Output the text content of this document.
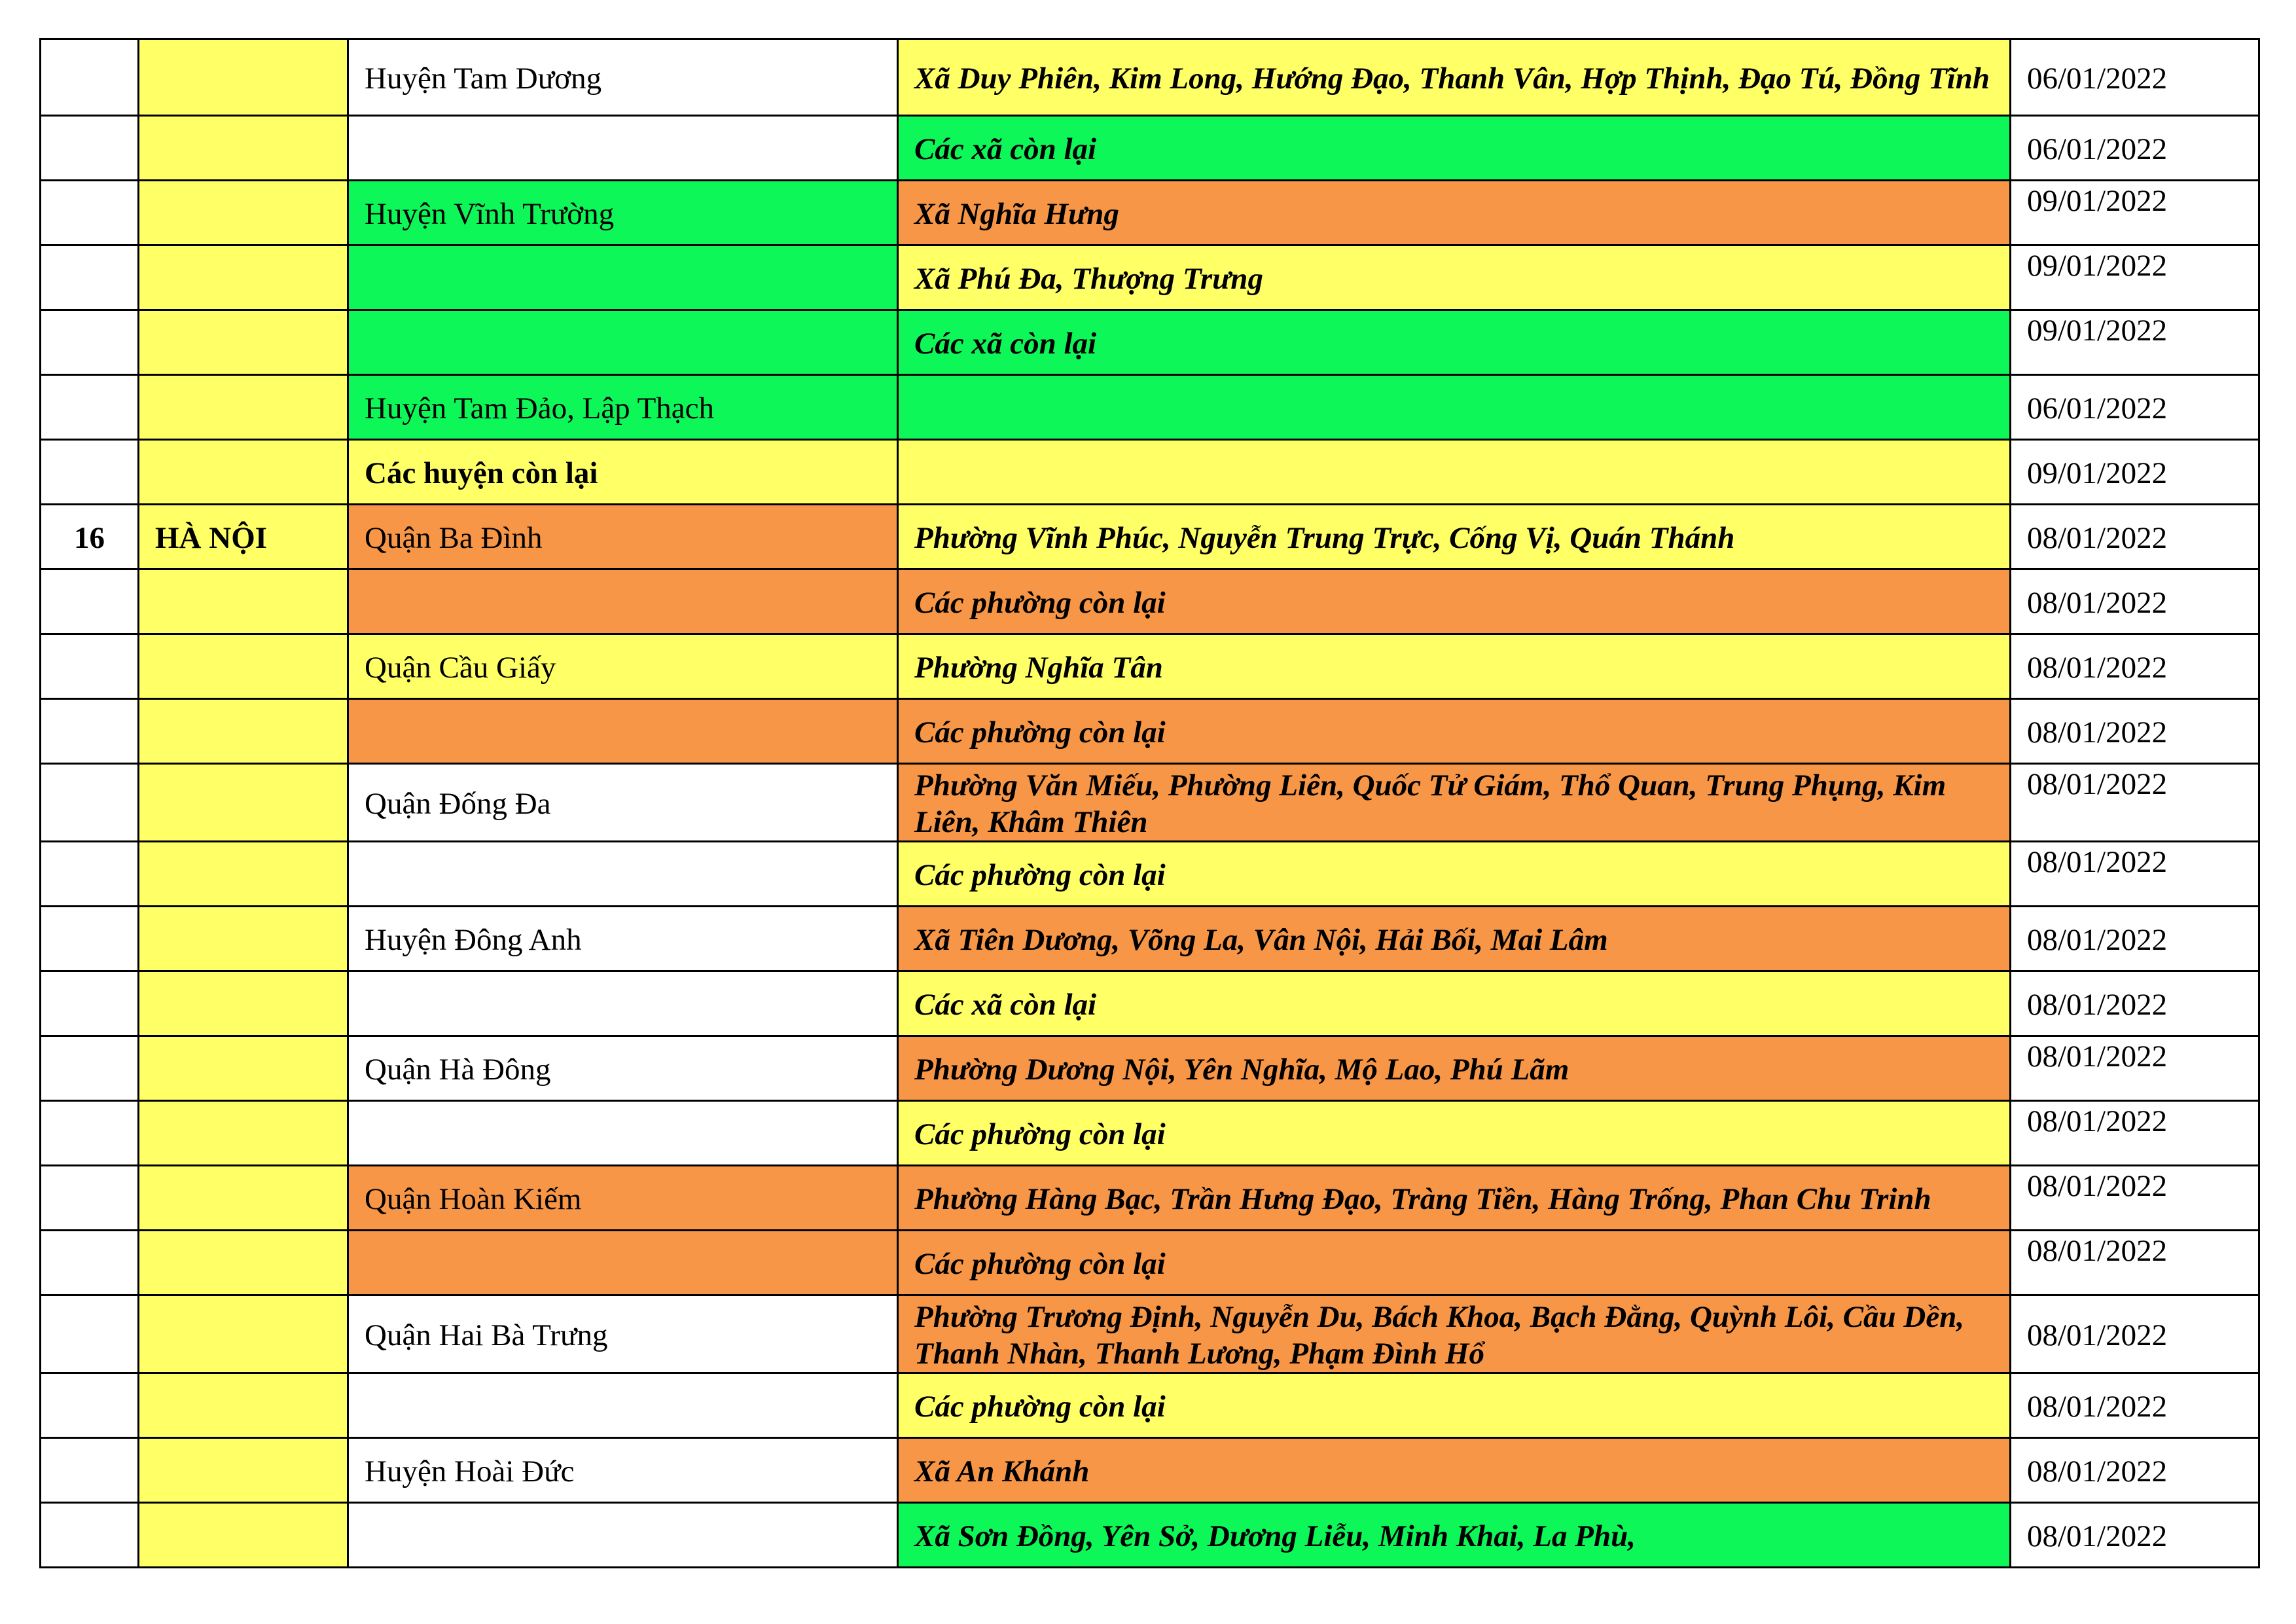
		Huyện Tam Dương	Xã Duy Phiên, Kim Long, Hướng Đạo, Thanh Vân, Hợp Thịnh, Đạo Tú, Đồng Tĩnh	06/01/2022
			Các xã còn lại	06/01/2022
		Huyện Vĩnh Trường	Xã Nghĩa Hưng	09/01/2022
			Xã Phú Đa, Thượng Trưng	09/01/2022
			Các xã còn lại	09/01/2022
		Huyện Tam Đảo, Lập Thạch		06/01/2022
		Các huyện còn lại		09/01/2022
16	HÀ NỘI	Quận Ba Đình	Phường Vĩnh Phúc, Nguyễn Trung Trực, Cống Vị, Quán Thánh	08/01/2022
			Các phường còn lại	08/01/2022
		Quận Cầu Giấy	Phường Nghĩa Tân	08/01/2022
			Các phường còn lại	08/01/2022
		Quận Đống Đa	Phường Văn Miếu, Phường Liên, Quốc Tử Giám, Thổ Quan, Trung Phụng, Kim Liên, Khâm Thiên	08/01/2022
			Các phường còn lại	08/01/2022
		Huyện Đông Anh	Xã Tiên Dương, Võng La, Vân Nội, Hải Bối, Mai Lâm	08/01/2022
			Các xã còn lại	08/01/2022
		Quận Hà Đông	Phường Dương Nội, Yên Nghĩa, Mộ Lao, Phú Lãm	08/01/2022
			Các phường còn lại	08/01/2022
		Quận Hoàn Kiếm	Phường Hàng Bạc, Trần Hưng Đạo, Tràng Tiền, Hàng Trống, Phan Chu Trinh	08/01/2022
			Các phường còn lại	08/01/2022
		Quận Hai Bà Trưng	Phường Trương Định, Nguyễn Du, Bách Khoa, Bạch Đằng, Quỳnh Lôi, Cầu Dền, Thanh Nhàn, Thanh Lương, Phạm Đình Hổ	08/01/2022
			Các phường còn lại	08/01/2022
		Huyện Hoài Đức	Xã An Khánh	08/01/2022
			Xã Sơn Đồng, Yên Sở, Dương Liễu, Minh Khai, La Phù,	08/01/2022
